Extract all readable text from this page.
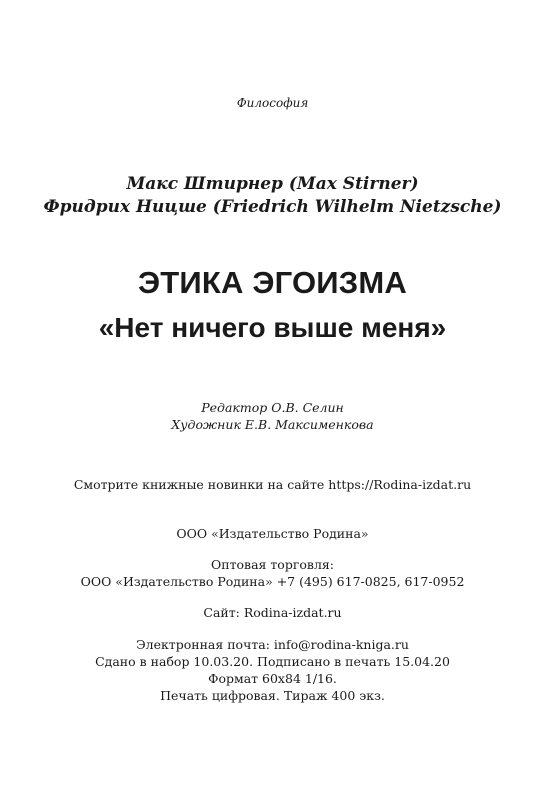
Философия
Макс Штирнер (Max Stirner)
Фридрих Ницше (Friedrich Wilhelm Nietzsche)
ЭТИКА ЭГОИЗМА
«Нет ничего выше меня»
Редактор О.В. Селин
Художник Е.В. Максименкова
Смотрите книжные новинки на сайте https://Rodina-izdat.ru
ООО «Издательство Родина»
Оптовая торговля:
ООО «Издательство Родина» +7 (495) 617-0825, 617-0952
Сайт: Rodina-izdat.ru
Электронная почта: info@rodina-kniga.ru
Сдано в набор 10.03.20. Подписано в печать 15.04.20
Формат 60x84 1/16.
Печать цифровая. Тираж 400 экз.
